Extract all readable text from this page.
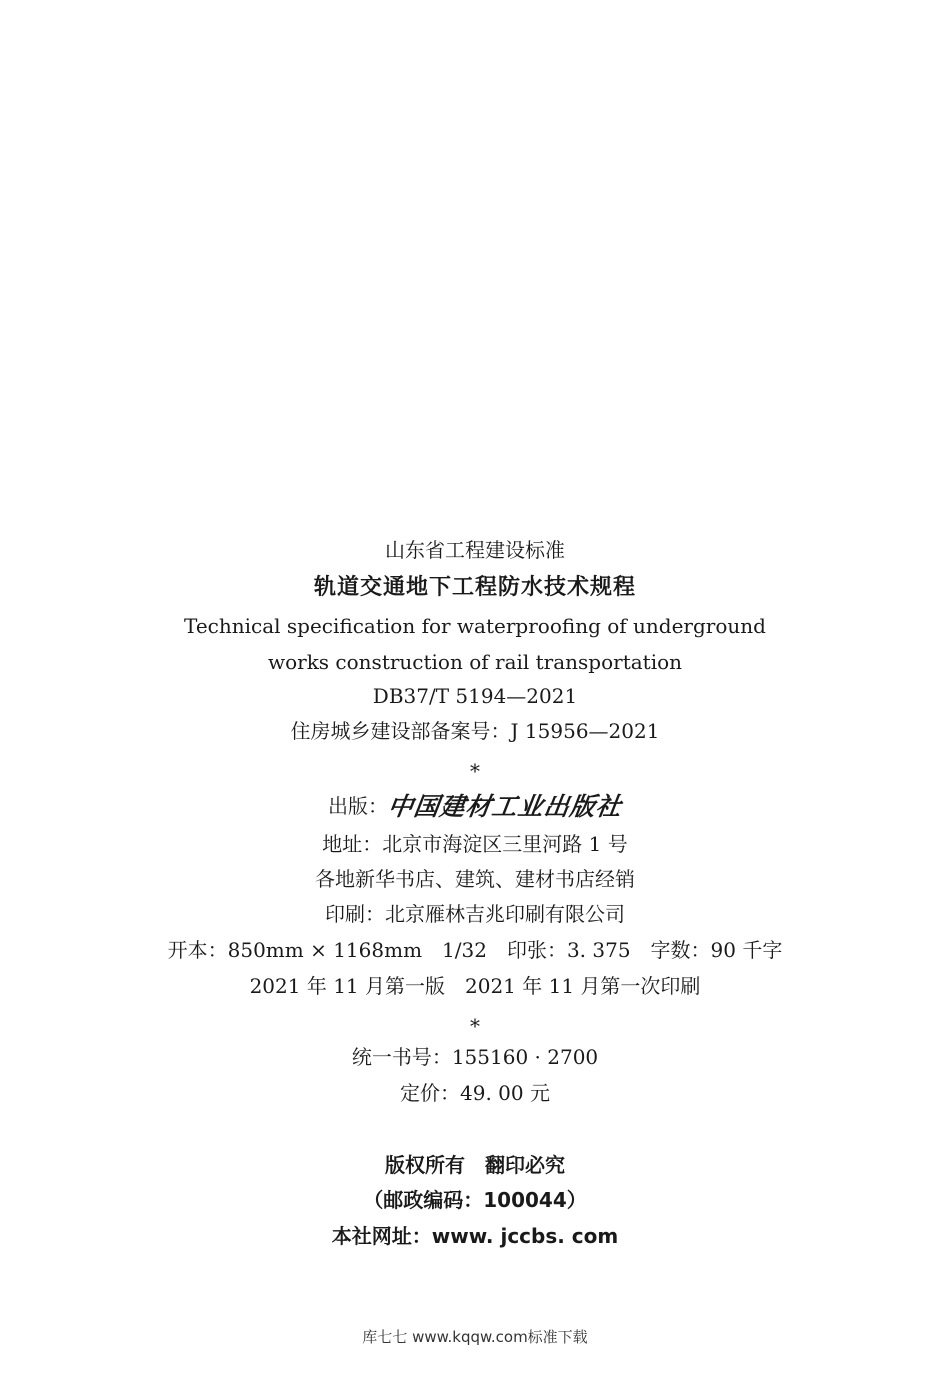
山东省工程建设标准
轨道交通地下工程防水技术规程
Technical specification for waterproofing of underground
works construction of rail transportation
DB37/T 5194—2021
住房城乡建设部备案号：J 15956—2021
*
出版：中国建材工业出版社
地址：北京市海淀区三里河路 1 号
各地新华书店、建筑、建材书店经销
印刷：北京雁林吉兆印刷有限公司
开本：850mm × 1168mm　1/32　印张：3. 375　字数：90 千字
2021 年 11 月第一版　2021 年 11 月第一次印刷
*
统一书号：155160 · 2700
定价：49. 00 元
版权所有　翻印必究
（邮政编码：100044）
本社网址：www. jccbs. com
库七七 www.kqqw.com标准下载
